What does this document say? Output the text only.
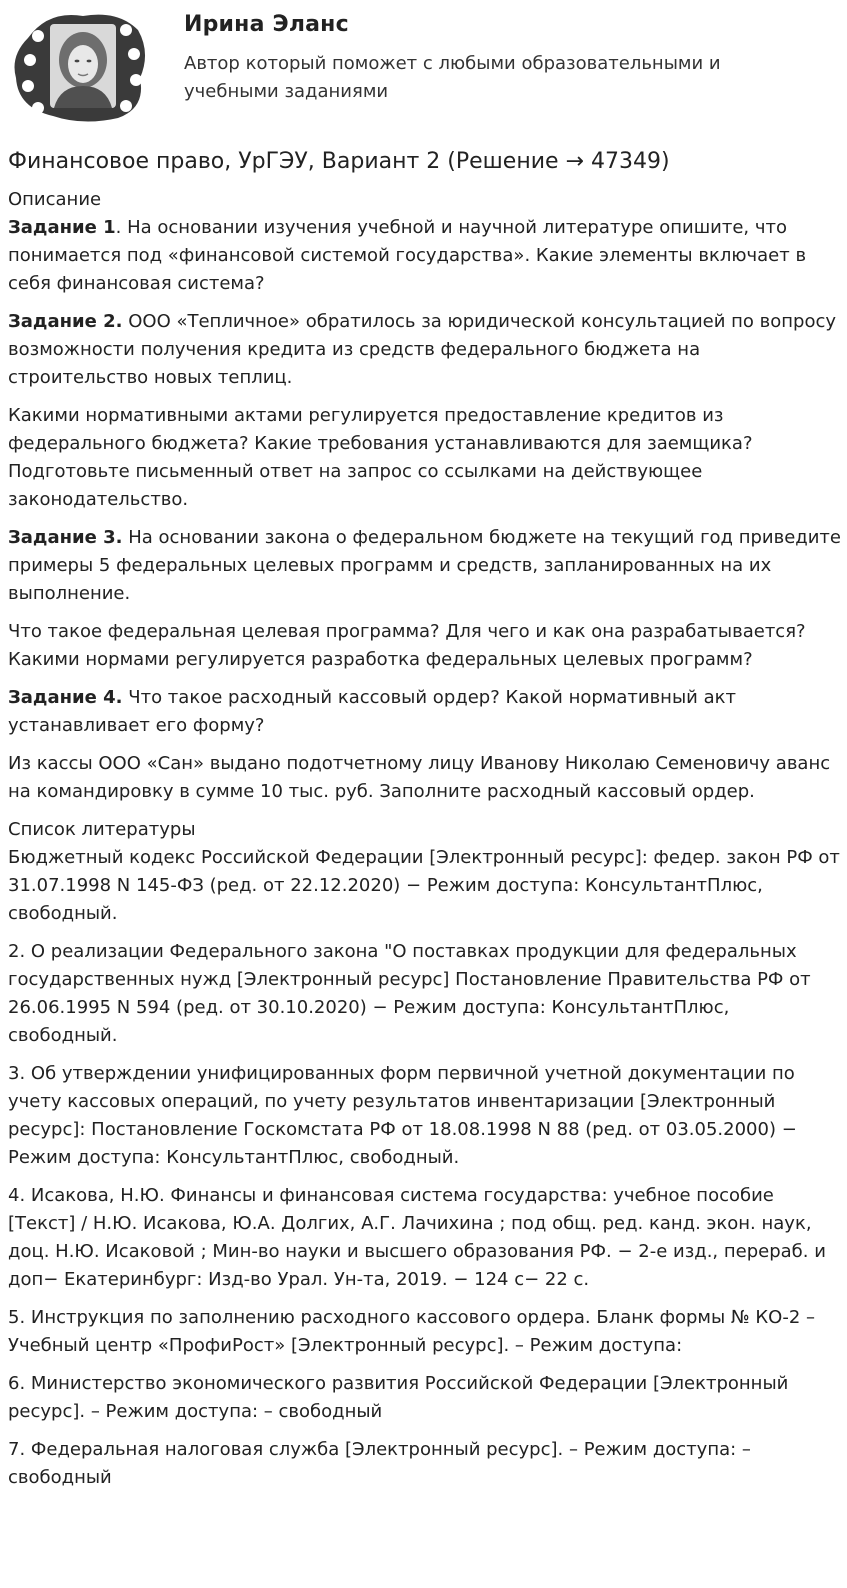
Ирина Эланс
Автор который поможет с любыми образовательными и учебными заданиями
Финансовое право, УрГЭУ, Вариант 2 (Решение → 47349)
Описание

Задание 1. На основании изучения учебной и научной литературе опишите, что понимается под «финансовой системой государства». Какие элементы включает в себя финансовая система?

Задание 2. ООО «Тепличное» обратилось за юридической консультацией по вопросу возможности получения кредита из средств федерального бюджета на строительство новых теплиц.

Какими нормативными актами регулируется предоставление кредитов из федерального бюджета? Какие требования устанавливаются для заемщика? Подготовьте письменный ответ на запрос со ссылками на действующее законодательство.

Задание 3. На основании закона о федеральном бюджете на текущий год приведите примеры 5 федеральных целевых программ и средств, запланированных на их выполнение.

Что такое федеральная целевая программа? Для чего и как она разрабатывается? Какими нормами регулируется разработка федеральных целевых программ?

Задание 4. Что такое расходный кассовый ордер? Какой нормативный акт устанавливает его форму?

Из кассы ООО «Сан» выдано подотчетному лицу Иванову Николаю Семеновичу аванс на командировку в сумме 10 тыс. руб. Заполните расходный кассовый ордер.

Список литературы

Бюджетный кодекс Российской Федерации [Электронный ресурс]: федер. закон РФ от 31.07.1998 N 145-ФЗ (ред. от 22.12.2020) − Режим доступа: КонсультантПлюс, свободный.

2. О реализации Федерального закона "О поставках продукции для федеральных государственных нужд [Электронный ресурс] Постановление Правительства РФ от 26.06.1995 N 594 (ред. от 30.10.2020) − Режим доступа: КонсультантПлюс, свободный.

3. Об утверждении унифицированных форм первичной учетной документации по учету кассовых операций, по учету результатов инвентаризации [Электронный ресурс]: Постановление Госкомстата РФ от 18.08.1998 N 88 (ред. от 03.05.2000) − Режим доступа: КонсультантПлюс, свободный.

4. Исакова, Н.Ю. Финансы и финансовая система государства: учебное пособие [Текст] / Н.Ю. Исакова, Ю.А. Долгих, А.Г. Лачихина ; под общ. ред. канд. экон. наук, доц. Н.Ю. Исаковой ; Мин-во науки и высшего образования РФ. − 2-е изд., перераб. и доп− Екатеринбург: Изд-во Урал. Ун-та, 2019. − 124 с− 22 с.

5. Инструкция по заполнению расходного кассового ордера. Бланк формы № КО-2 – Учебный центр «ПрофиРост» [Электронный ресурс]. – Режим доступа:

6. Министерство экономического развития Российской Федерации [Электронный ресурс]. – Режим доступа: – свободный

7. Федеральная налоговая служба [Электронный ресурс]. – Режим доступа: – свободный
